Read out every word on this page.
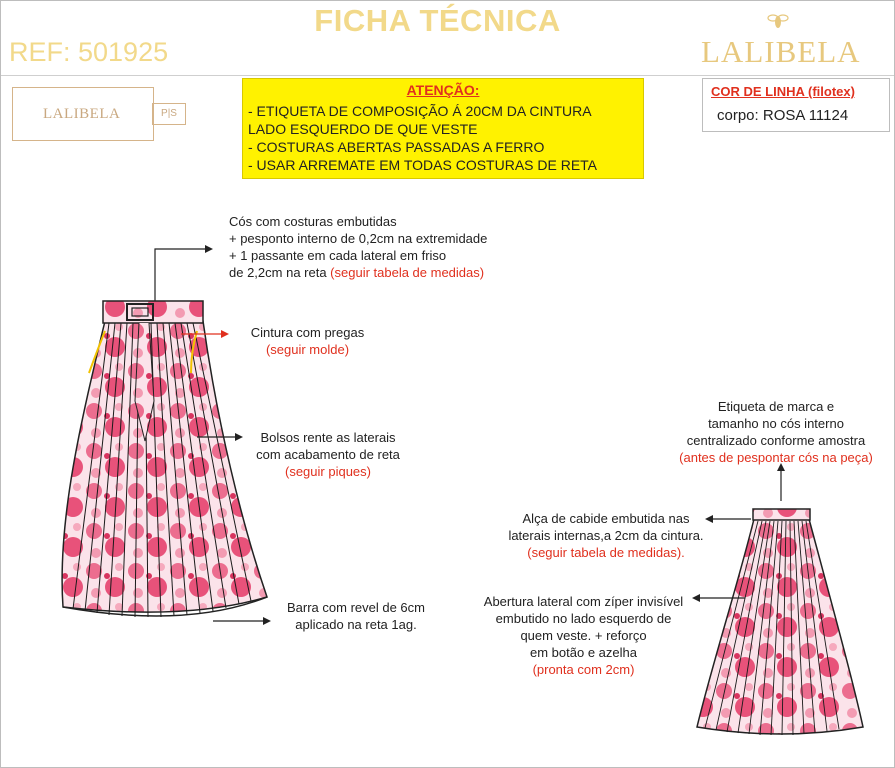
FICHA TÉCNICA
REF: 501925	LALIBELA
LALIBELA	P|S
ATENÇÃO:
- ETIQUETA DE COMPOSIÇÃO Á 20CM DA CINTURA
LADO ESQUERDO DE QUE VESTE
- COSTURAS ABERTAS PASSADAS A FERRO
- USAR ARREMATE EM TODAS COSTURAS DE RETA
COR DE LINHA (filotex)
corpo: ROSA 11124
Cós com costuras embutidas
+ pesponto interno de 0,2cm na extremidade
+ 1 passante em cada lateral em friso
de 2,2cm na reta (seguir tabela de medidas)
Cintura com pregas
(seguir molde)
Bolsos rente as laterais
com acabamento de reta
(seguir piques)
Barra com revel de 6cm
aplicado na reta 1ag.
Etiqueta de marca e
tamanho no cós interno
centralizado conforme amostra
(antes de pespontar cós na peça)
Alça de cabide embutida nas
laterais internas,a 2cm da cintura.
(seguir tabela de medidas).
Abertura lateral com zíper invisível
embutido no lado esquerdo de
quem veste. + reforço
em botão e azelha
(pronta com 2cm)
